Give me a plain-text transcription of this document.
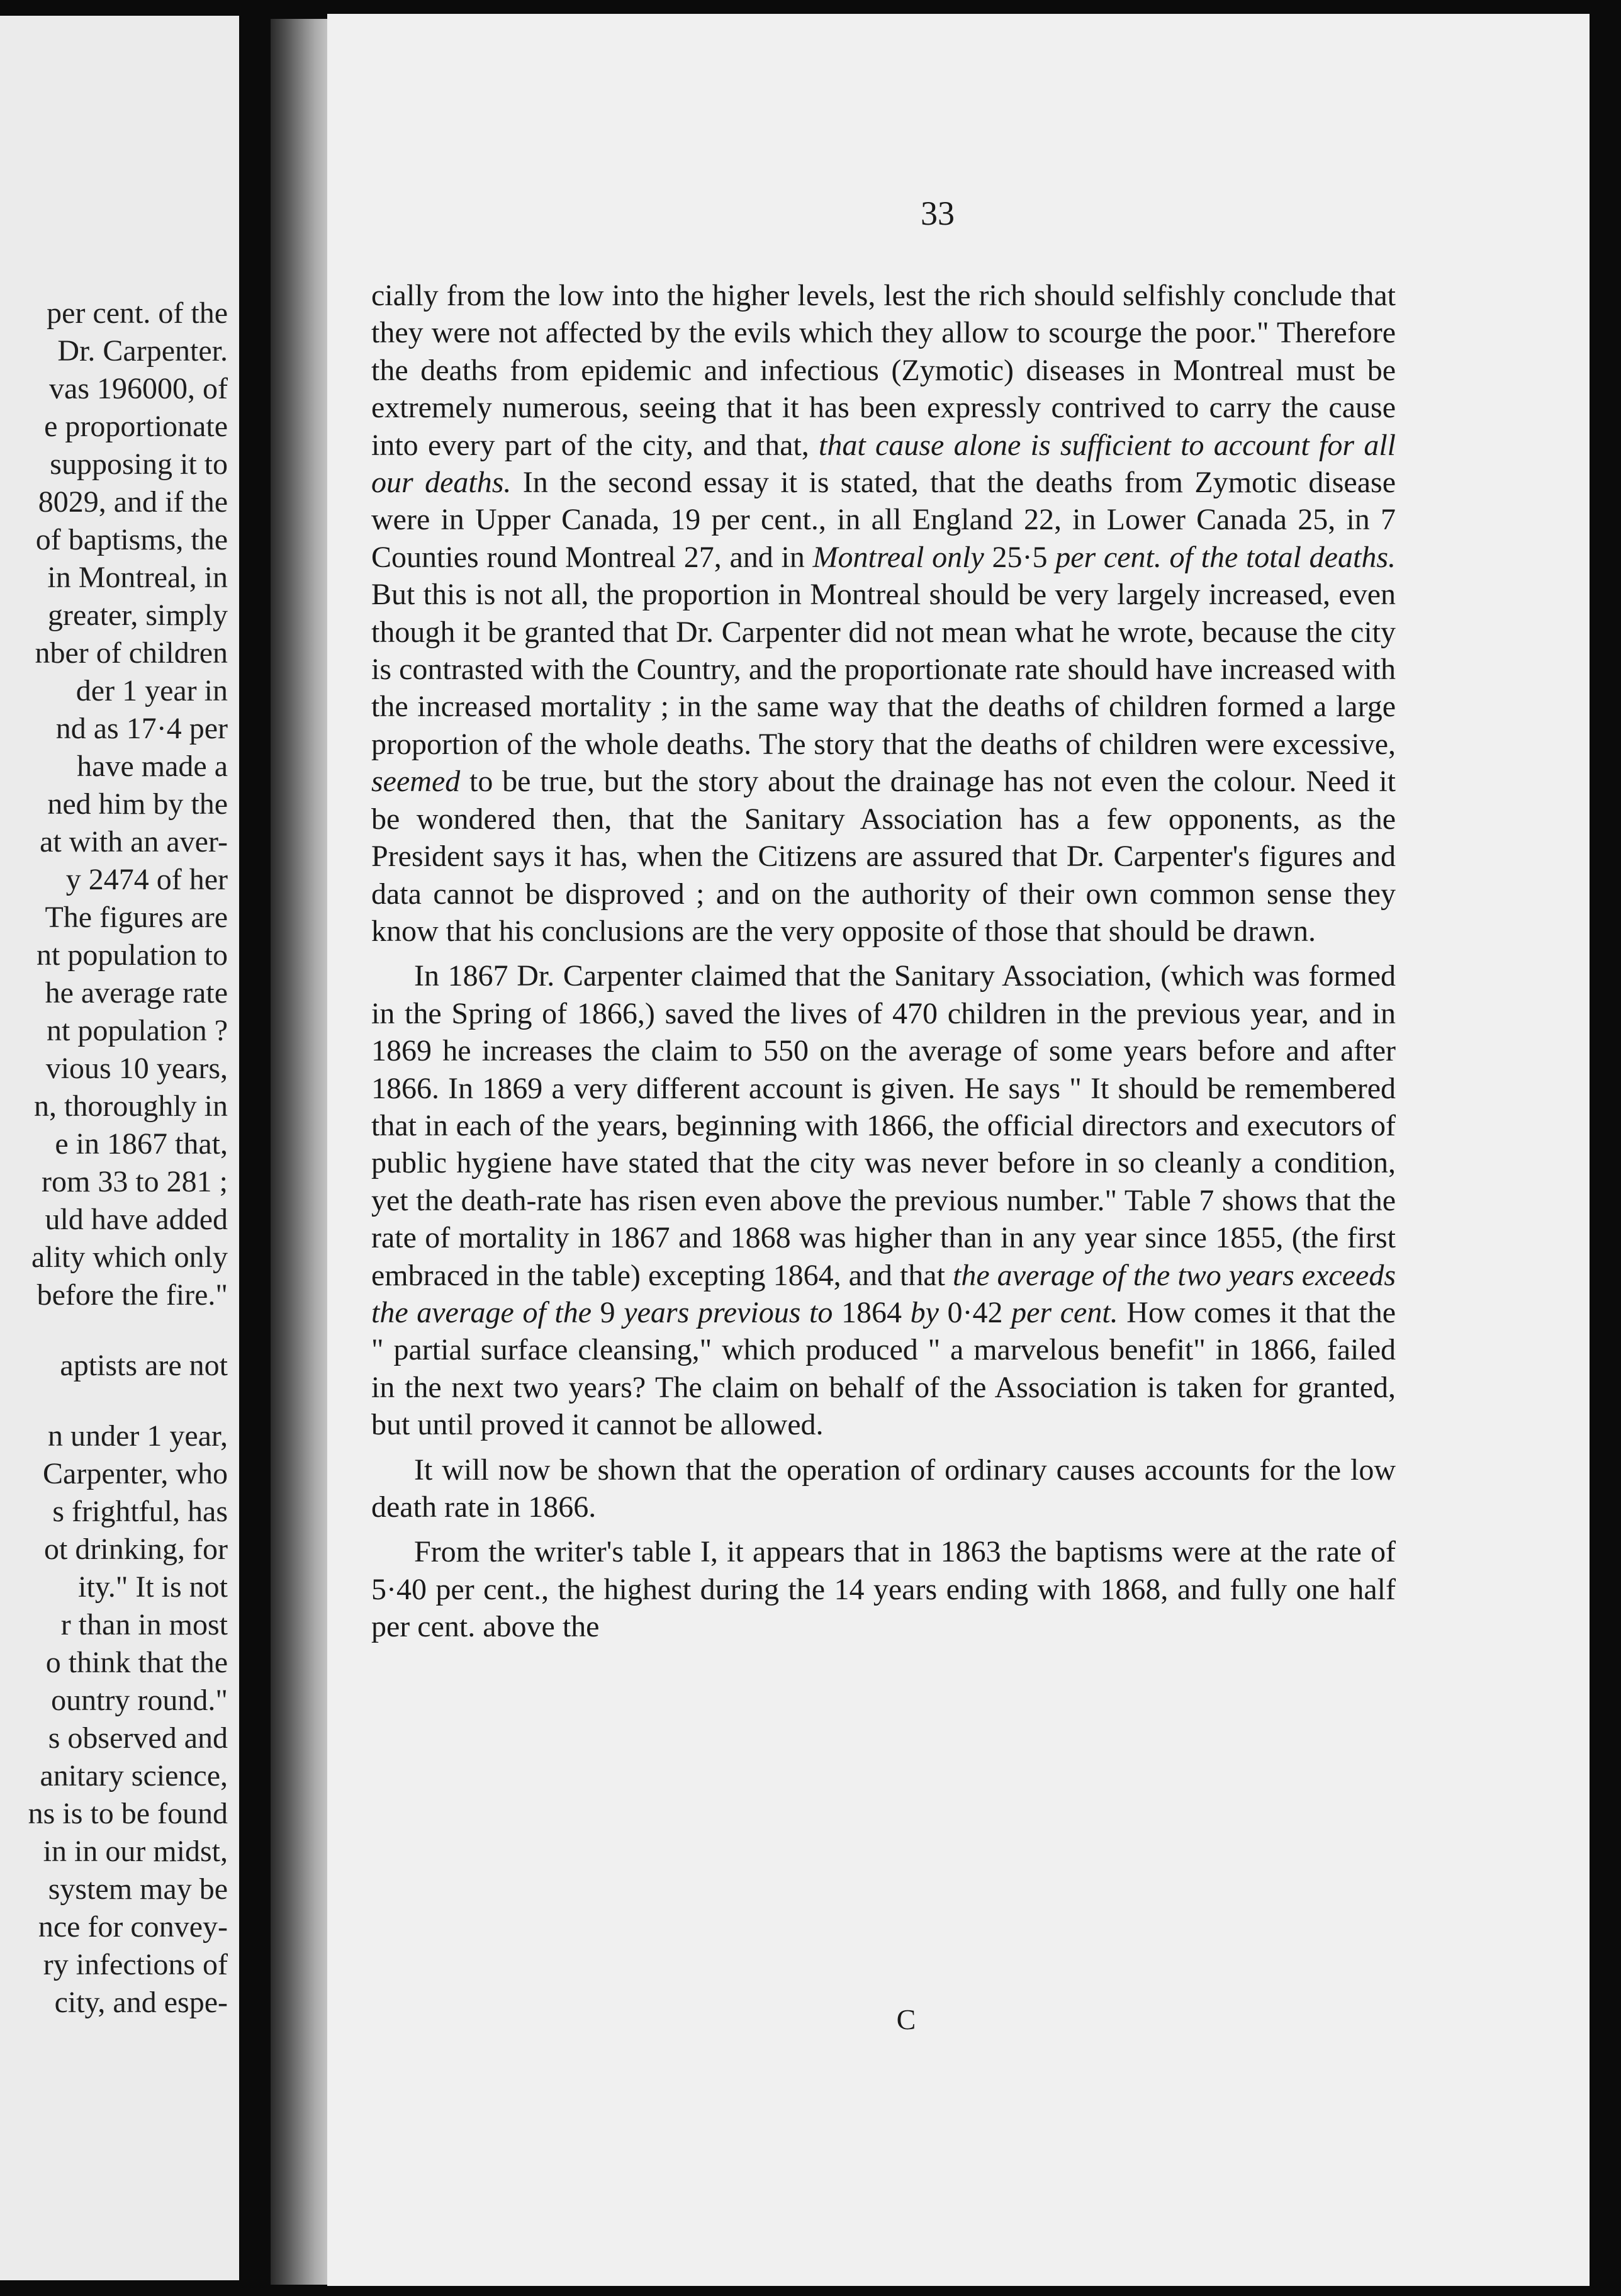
per cent. of the
Dr. Carpenter.
vas 196000, of
e proportionate
supposing it to
8029, and if the
of baptisms, the
in Montreal, in
greater, simply
nber of children
der 1 year in
nd as 17·4 per
have made a
ned him by the
at with an aver-
y 2474 of her
The figures are
nt population to
he average rate
nt population ?
vious 10 years,
n, thoroughly in
e in 1867 that,
rom 33 to 281 ;
uld have added
ality which only
before the fire."
aptists are not
n under 1 year,
Carpenter, who
s frightful, has
ot drinking, for
ity." It is not
r than in most
o think that the
ountry round."
s observed and
anitary science,
ns is to be found
in in our midst,
system may be
nce for convey-
ry infections of
city, and espe-
33

cially from the low into the higher levels, lest the rich should selfishly conclude that they were not affected by the evils which they allow to scourge the poor." Therefore the deaths from epidemic and infectious (Zymotic) diseases in Montreal must be extremely numerous, seeing that it has been expressly contrived to carry the cause into every part of the city, and that, that cause alone is sufficient to account for all our deaths. In the second essay it is stated, that the deaths from Zymotic disease were in Upper Canada, 19 per cent., in all England 22, in Lower Canada 25, in 7 Counties round Montreal 27, and in Montreal only 25·5 per cent. of the total deaths. But this is not all, the proportion in Montreal should be very largely increased, even though it be granted that Dr. Carpenter did not mean what he wrote, because the city is contrasted with the Country, and the proportionate rate should have increased with the increased mortality ; in the same way that the deaths of children formed a large proportion of the whole deaths. The story that the deaths of children were excessive, seemed to be true, but the story about the drainage has not even the colour. Need it be wondered then, that the Sanitary Association has a few opponents, as the President says it has, when the Citizens are assured that Dr. Carpenter's figures and data cannot be disproved ; and on the authority of their own common sense they know that his conclusions are the very opposite of those that should be drawn.

In 1867 Dr. Carpenter claimed that the Sanitary Association, (which was formed in the Spring of 1866,) saved the lives of 470 children in the previous year, and in 1869 he increases the claim to 550 on the average of some years before and after 1866. In 1869 a very different account is given. He says " It should be remembered that in each of the years, beginning with 1866, the official directors and executors of public hygiene have stated that the city was never before in so cleanly a condition, yet the death-rate has risen even above the previous number." Table 7 shows that the rate of mortality in 1867 and 1868 was higher than in any year since 1855, (the first embraced in the table) excepting 1864, and that the average of the two years exceeds the average of the 9 years previous to 1864 by 0·42 per cent. How comes it that the " partial surface cleansing," which produced " a marvelous benefit" in 1866, failed in the next two years? The claim on behalf of the Association is taken for granted, but until proved it cannot be allowed.

It will now be shown that the operation of ordinary causes accounts for the low death rate in 1866.

From the writer's table I, it appears that in 1863 the baptisms were at the rate of 5·40 per cent., the highest during the 14 years ending with 1868, and fully one half per cent. above the

C
